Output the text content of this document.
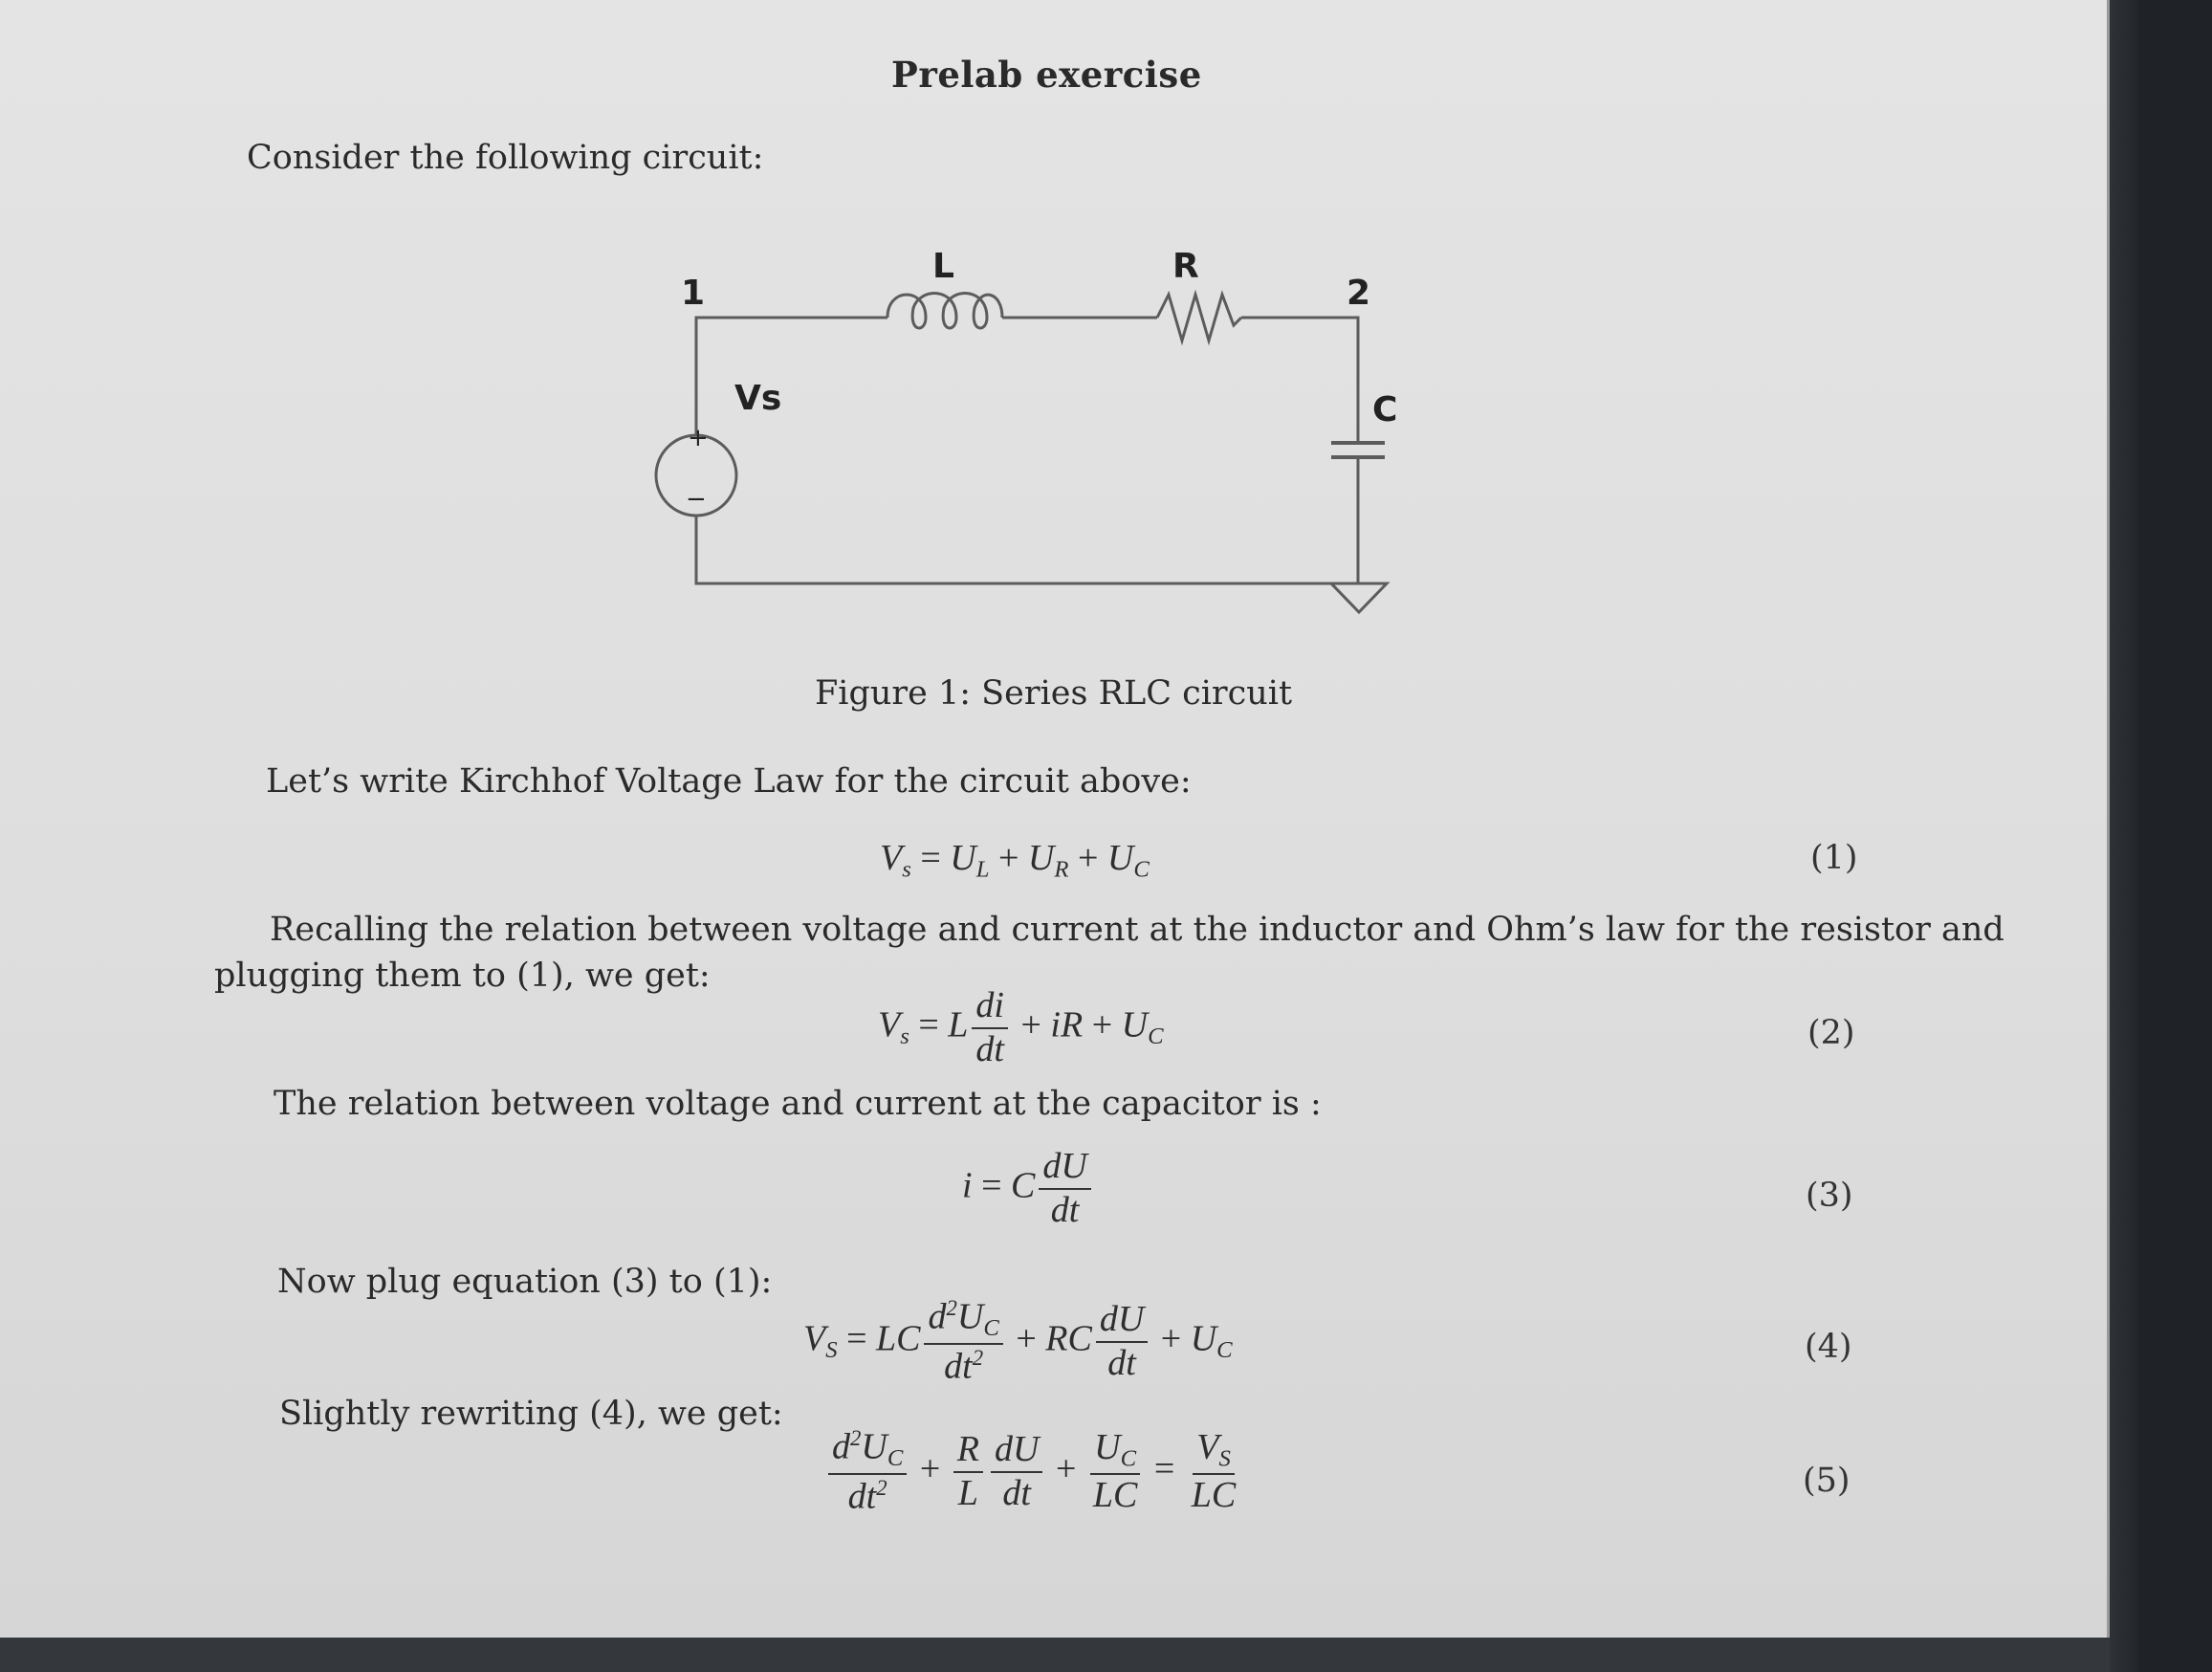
Prelab exercise
Consider the following circuit:
+
−
1	2
Vs
L	R
C
Figure 1: Series RLC circuit
Let’s write Kirchhof Voltage Law for the circuit above:
$V_s = U_L + U_R + U_C$	(1)
Recalling the relation between voltage and current at the inductor and Ohm’s law for the resistor and
plugging them to (1), we get:
$V_s = L \frac{di}{dt}$ + iR + $U_C$	(2)
The relation between voltage and current at the capacitor is :
i = C $\frac{dU}{dt}$	(3)
Now plug equation (3) to (1):
$V_S$ = LC $\frac{d^2U_C}{dt^2}$ + RC $\frac{dU}{dt} + U_C$	(4)
Slightly rewriting (4), we get:
$\frac{d^2U_C}{dt^2} + \frac{R}{L} \frac{dU}{dt} + \frac{U_C}{LC} = \frac{V_S}{LC}$	(5)
